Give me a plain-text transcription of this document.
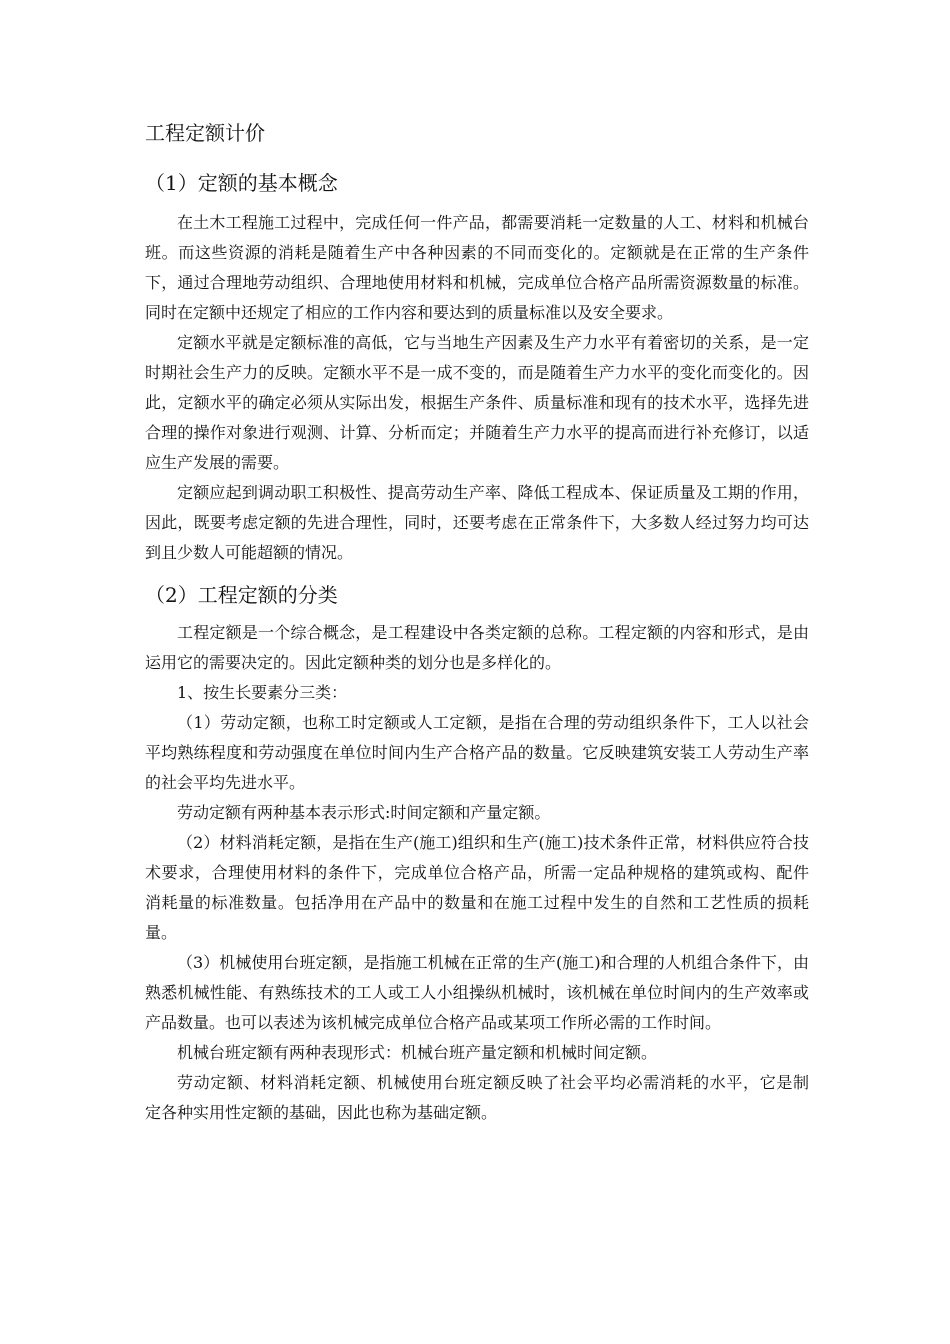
工程定额计价
（1）定额的基本概念

在土木工程施工过程中，完成任何一件产品，都需要消耗一定数量的人工、材料和机械台班。而这些资源的消耗是随着生产中各种因素的不同而变化的。定额就是在正常的生产条件下，通过合理地劳动组织、合理地使用材料和机械，完成单位合格产品所需资源数量的标准。同时在定额中还规定了相应的工作内容和要达到的质量标准以及安全要求。

定额水平就是定额标准的高低，它与当地生产因素及生产力水平有着密切的关系，是一定时期社会生产力的反映。定额水平不是一成不变的，而是随着生产力水平的变化而变化的。因此，定额水平的确定必须从实际出发，根据生产条件、质量标准和现有的技术水平，选择先进合理的操作对象进行观测、计算、分析而定；并随着生产力水平的提高而进行补充修订，以适应生产发展的需要。

定额应起到调动职工积极性、提高劳动生产率、降低工程成本、保证质量及工期的作用，因此，既要考虑定额的先进合理性，同时，还要考虑在正常条件下，大多数人经过努力均可达到且少数人可能超额的情况。

（2）工程定额的分类

工程定额是一个综合概念，是工程建设中各类定额的总称。工程定额的内容和形式，是由运用它的需要决定的。因此定额种类的划分也是多样化的。

1、按生长要素分三类：

（1）劳动定额，也称工时定额或人工定额，是指在合理的劳动组织条件下，工人以社会平均熟练程度和劳动强度在单位时间内生产合格产品的数量。它反映建筑安装工人劳动生产率的社会平均先进水平。

劳动定额有两种基本表示形式:时间定额和产量定额。

（2）材料消耗定额，是指在生产(施工)组织和生产(施工)技术条件正常，材料供应符合技术要求，合理使用材料的条件下，完成单位合格产品，所需一定品种规格的建筑或构、配件　消耗量的标准数量。包括净用在产品中的数量和在施工过程中发生的自然和工艺性质的损耗量。

（3）机械使用台班定额，是指施工机械在正常的生产(施工)和合理的人机组合条件下，由熟悉机械性能、有熟练技术的工人或工人小组操纵机械时，该机械在单位时间内的生产效率或产品数量。也可以表述为该机械完成单位合格产品或某项工作所必需的工作时间。

机械台班定额有两种表现形式：机械台班产量定额和机械时间定额。

劳动定额、材料消耗定额、机械使用台班定额反映了社会平均必需消耗的水平，它是制　定各种实用性定额的基础，因此也称为基础定额。
